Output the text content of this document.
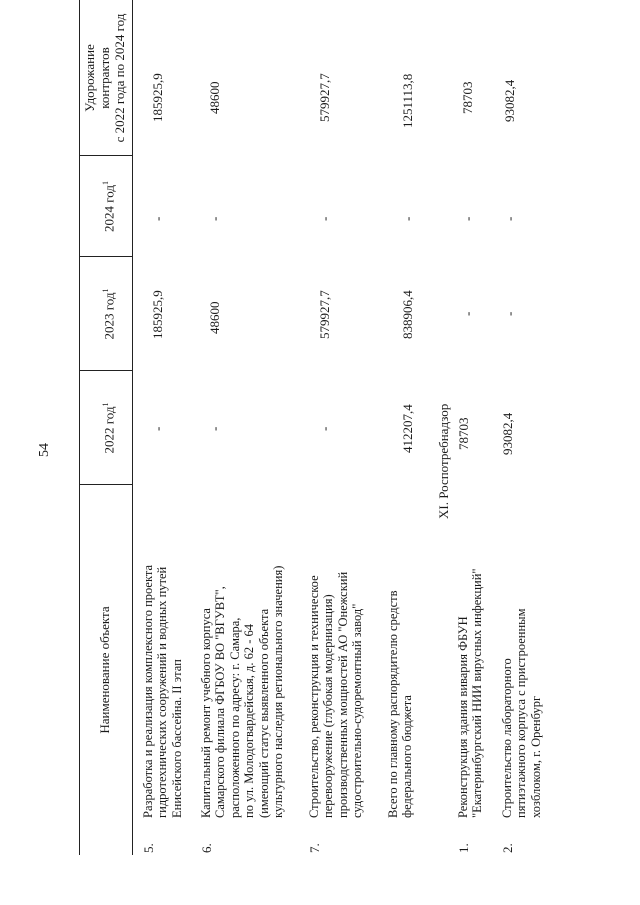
54
Наименование объекта
2022 год$^1$
2023 год$^1$
2024 год$^1$
Удорожание контрактов с 2022 года по 2024 год
5.
Разработка и реализация комплексного проекта гидротехнических сооружений и водных путей Енисейского бассейна. II этап
-
185925,9
-
185925,9
6.
Капитальный ремонт учебного корпуса Самарского филиала ФГБОУ ВО "ВГУВТ", расположенного по адресу: г. Самара, по ул. Молодогвардейская, д. 62 - 64 (имеющий статус выявленного объекта культурного наследия регионального значения)
-
48600
-
48600
7.
Строительство, реконструкция и техническое перевооружение (глубокая модернизация) производственных мощностей АО "Онежский судостроительно-судоремонтный завод"
-
579927,7
-
579927,7
Всего по главному распорядителю средств федерального бюджета
412207,4
838906,4
-
1251113,8
XI. Роспотребнадзор
1.
Реконструкция здания вивария ФБУН "Екатеринбургский НИИ вирусных инфекций"
78703
-
-
78703
2.
Строительство лабораторного пятиэтажного корпуса с пристроенным хозблоком, г. Оренбург
93082,4
-
-
93082,4
